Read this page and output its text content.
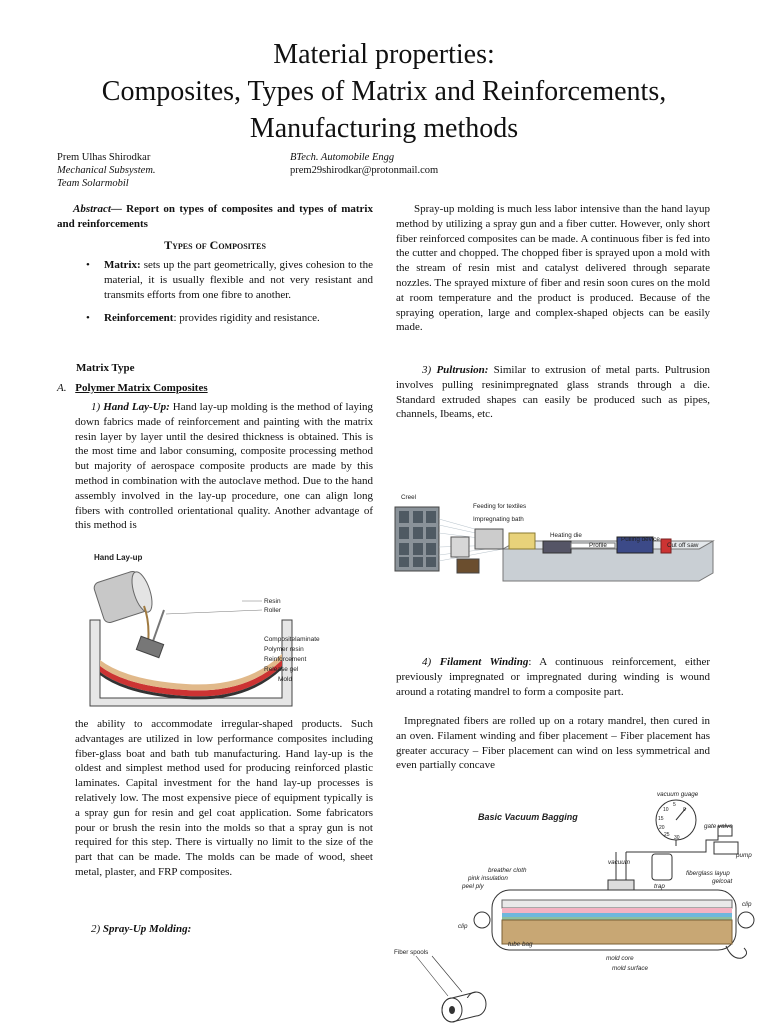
Material properties:
Composites, Types of Matrix and Reinforcements,
Manufacturing methods
Prem Ulhas Shirodkar
Mechanical Subsystem.
Team Solarmobil
BTech. Automobile Engg
prem29shirodkar@protonmail.com
Abstract— Report on types of composites and types of matrix and reinforcements
Types of Composites
• Matrix: sets up the part geometrically, gives cohesion to the material, it is usually flexible and not very resistant and transmits efforts from one fibre to another.
• Reinforcement: provides rigidity and resistance.
Matrix Type
A. Polymer Matrix Composites
1) Hand Lay-Up: Hand lay-up molding is the method of laying down fabrics made of reinforcement and painting with the matrix resin layer by layer until the desired thickness is obtained. This is the most time and labor consuming, composite processing method but majority of aerospace composite products are made by this method in combination with the autoclave method. Due to the hand assembly involved in the lay-up procedure, one can align long fibers with controlled orientational quality. Another advantage of this method is
Hand Lay-up
Resin
Roller
Compositelaminate
Polymer resin
Reinforcement
Release gel
Mold
the ability to accommodate irregular-shaped products. Such advantages are utilized in low performance composites including fiber-glass boat and bath tub manufacturing. Hand lay-up is the oldest and simplest method used for producing reinforced plastic laminates. Capital investment for the hand lay-up processes is relatively low. The most expensive piece of equipment typically is a spray gun for resin and gel coat application. Some fabricators pour or brush the resin into the molds so that a spray gun is not required for this step. There is virtually no limit to the size of the part that can be made. The molds can be made of wood, sheet metal, plaster, and FRP composites.
2) Spray-Up Molding:
Spray-up molding is much less labor intensive than the hand layup method by utilizing a spray gun and a fiber cutter. However, only short fiber reinforced composites can be made. A continuous fiber is fed into the cutter and chopped. The chopped fiber is sprayed upon a mold with the stream of resin mist and catalyst delivered through separate nozzles. The sprayed mixture of fiber and resin soon cures on the mold at room temperature and the product is produced. Because of the spraying operation, large and complex-shaped objects can be easily made.
3) Pultrusion: Similar to extrusion of metal parts. Pultrusion involves pulling resinimpregnated glass strands through a die. Standard extruded shapes can easily be produced such as pipes, channels, Ibeams, etc.
Creel
Feeding for textiles
Impregnating bath
Heating die
Profile
Pulling device
Cut off saw
4) Filament Winding: A continuous reinforcement, either previously impregnated or impregnated during winding is wound around a rotating mandrel to form a composite part.
Impregnated fibers are rolled up on a rotary mandrel, then cured in an oven. Filament winding and fiber placement – Fiber placement has greater accuracy – Fiber placement can wind on less symmetrical and even partially concave
Basic Vacuum Bagging
10
5
0
15
20
25 30
vacuum guage
gate valve
pump
vacuum
trap
breather cloth
pink insulation
peel ply
fiberglass layup
gelcoat
clip
clip
tube bag
mold core
mold surface
Fiber spools
